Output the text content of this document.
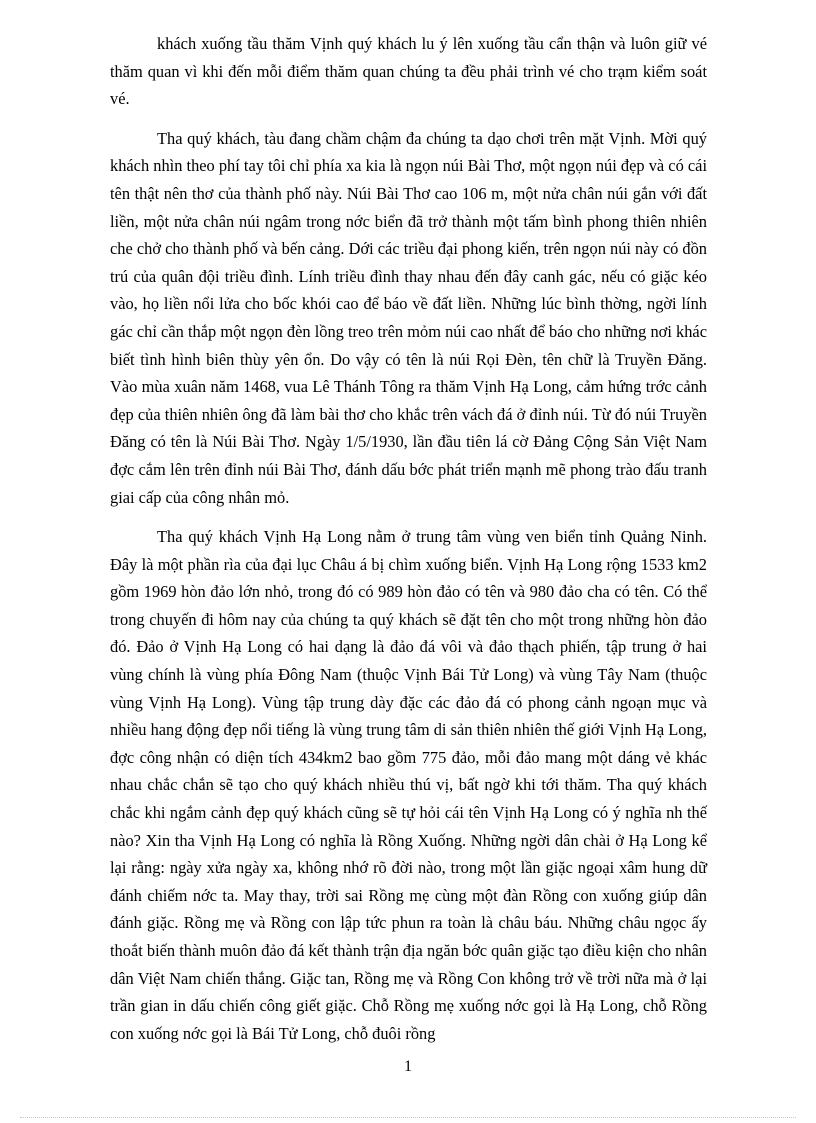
khách xuống tầu thăm Vịnh quý khách lu ý lên xuống tầu cẩn thận và luôn giữ vé thăm quan vì khi đến mỗi điểm thăm quan chúng ta đều phải trình vé cho trạm kiểm soát vé.

Tha quý khách, tàu đang chầm chậm đa chúng ta dạo chơi trên mặt Vịnh. Mời quý khách nhìn theo phí tay tôi chỉ phía xa kia là ngọn núi Bài Thơ, một ngọn núi đẹp và có cái tên thật nên thơ của thành phố này. Núi Bài Thơ cao 106 m, một nửa chân núi gắn với đất liền, một nửa chân núi ngâm trong nớc biển đã trở thành một tấm bình phong thiên nhiên che chở cho thành phố và bến cảng. Dới các triều đại phong kiến, trên ngọn núi này có đồn trú của quân đội triều đình. Lính triều đình thay nhau đến đây canh gác, nếu có giặc kéo vào, họ liền nổi lửa cho bốc khói cao để báo về đất liền. Những lúc bình thờng, ngời lính gác chỉ cần thắp một ngọn đèn lồng treo trên mỏm núi cao nhất để báo cho những nơi khác biết tình hình biên thùy yên ổn. Do vậy có tên là núi Rọi Đèn, tên chữ là Truyền Đăng. Vào mùa xuân năm 1468, vua Lê Thánh Tông ra thăm Vịnh Hạ Long, cảm hứng trớc cảnh đẹp của thiên nhiên ông đã làm bài thơ cho khắc trên vách đá ở đỉnh núi. Từ đó núi Truyền Đăng có tên là Núi Bài Thơ. Ngày 1/5/1930, lần đầu tiên lá cờ Đảng Cộng Sản Việt Nam đợc cắm lên trên đỉnh núi Bài Thơ, đánh dấu bớc phát triển mạnh mẽ phong trào đấu tranh giai cấp của công nhân mỏ.

Tha quý khách Vịnh Hạ Long nằm ở trung tâm vùng ven biển tỉnh Quảng Ninh. Đây là một phần rìa của đại lục Châu á bị chìm xuống biển. Vịnh Hạ Long rộng 1533 km2 gồm 1969 hòn đảo lớn nhỏ, trong đó có 989 hòn đảo có tên và 980 đảo cha có tên. Có thể trong chuyến đi hôm nay của chúng ta quý khách sẽ đặt tên cho một trong những hòn đảo đó. Đảo ở Vịnh Hạ Long có hai dạng là đảo đá vôi và đảo thạch phiến, tập trung ở hai vùng chính là vùng phía Đông Nam (thuộc Vịnh Bái Tử Long) và vùng Tây Nam (thuộc vùng Vịnh Hạ Long). Vùng tập trung dày đặc các đảo đá có phong cảnh ngoạn mục và nhiều hang động đẹp nổi tiếng là vùng trung tâm di sản thiên nhiên thế giới Vịnh Hạ Long, đợc công nhận có diện tích 434km2 bao gồm 775 đảo, mỗi đảo mang một dáng vẻ khác nhau chắc chắn sẽ tạo cho quý khách nhiều thú vị, bất ngờ khi tới thăm. Tha quý khách chắc khi ngắm cảnh đẹp quý khách cũng sẽ tự hỏi cái tên Vịnh Hạ Long có ý nghĩa nh thế nào? Xin tha Vịnh Hạ Long có nghĩa là Rồng Xuống. Những ngời dân chài ở Hạ Long kể lại rằng: ngày xửa ngày xa, không nhớ rõ đời nào, trong một lần giặc ngoại xâm hung dữ đánh chiếm nớc ta. May thay, trời sai Rồng mẹ cùng một đàn Rồng con xuống giúp dân đánh giặc. Rồng mẹ và Rồng con lập tức phun ra toàn là châu báu. Những châu ngọc ấy thoắt biến thành muôn đảo đá kết thành trận địa ngăn bớc quân giặc tạo điều kiện cho nhân dân Việt Nam chiến thắng. Giặc tan, Rồng mẹ và Rồng Con không trở về trời nữa mà ở lại trần gian in dấu chiến công giết giặc. Chỗ Rồng mẹ xuống nớc gọi là Hạ Long, chỗ Rồng con xuống nớc gọi là Bái Tử Long, chỗ đuôi rồng

1
